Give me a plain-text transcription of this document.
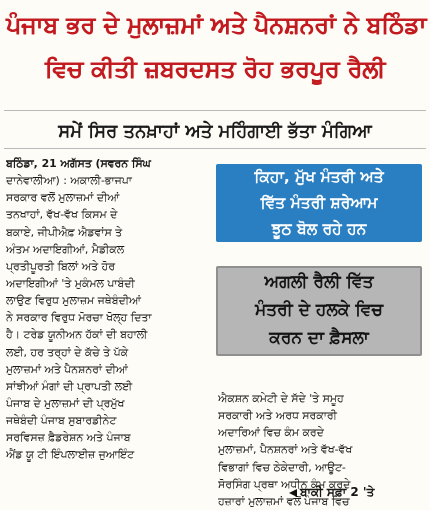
ਪੰਜਾਬ ਭਰ ਦੇ ਮੁਲਾਜ਼ਮਾਂ ਅਤੇ ਪੈਨਸ਼ਨਰਾਂ ਨੇ ਬਠਿੰਡਾ
ਵਿਚ ਕੀਤੀ ਜ਼ਬਰਦਸਤ ਰੋਹ ਭਰਪੂਰ ਰੈਲੀ
ਸਮੇਂ ਸਿਰ ਤਨਖ਼ਾਹਾਂ ਅਤੇ ਮਹਿੰਗਾਈ ਭੱਤਾ ਮੰਗਿਆ
ਬਠਿੰਡਾ, 21 ਅਗੱਸਤ (ਸਵਰਨ ਸਿੰਘ
ਦਾਨੇਵਾਲੀਆ) : ਅਕਾਲੀ-ਭਾਜਪਾ
ਸਰਕਾਰ ਵਲੋਂ ਮੁਲਾਜ਼ਮਾਂ ਦੀਆਂ
ਤਨਖਾਹਾਂ, ਵੱਖ-ਵੱਖ ਕਿਸਮ ਦੇ
ਬਕਾਏ, ਜੀਪੀਐਫ਼ ਐਡਵਾਂਸ ਤੇ
ਅੰਤਮ ਅਦਾਇਗੀਆਂ, ਮੈਡੀਕਲ
ਪ੍ਰਤੀਪੂਰਤੀ ਬਿਲਾਂ ਅਤੇ ਹੋਰ
ਅਦਾਇਗੀਆਂ 'ਤੇ ਮੁਕੰਮਲ ਪਾਬੰਦੀ
ਲਾਉਣ ਵਿਰੁਧ ਮੁਲਾਜ਼ਮ ਜਥੇਬੰਦੀਆਂ
ਨੇ ਸਰਕਾਰ ਵਿਰੁਧ ਮੋਰਚਾ ਖੋਲ੍ਹ ਦਿਤਾ
ਹੈ। ਟਰੇਡ ਯੂਨੀਅਨ ਹੱਕਾਂ ਦੀ ਬਹਾਲੀ
ਲਈ, ਹਰ ਤਰ੍ਹਾਂ ਦੇ ਕੱਚੇ ਤੇ ਪੱਕੇ
ਮੁਲਾਜ਼ਮਾਂ ਅਤੇ ਪੈਨਸ਼ਨਰਾਂ ਦੀਆਂ
ਸਾਂਝੀਆਂ ਮੰਗਾਂ ਦੀ ਪ੍ਰਾਪਤੀ ਲਈ
ਪੰਜਾਬ ਦੇ ਮੁਲਾਜ਼ਮਾਂ ਦੀ ਪ੍ਰਮੁੱਖ
ਜਥੇਬੰਦੀ ਪੰਜਾਬ ਸੁਬਾਰਡੀਨੇਟ
ਸਰਵਿਸਜ਼ ਫ਼ੈਡਰੇਸ਼ਨ ਅਤੇ ਪੰਜਾਬ
ਐਂਡ ਯੂ ਟੀ ਇੰਪਲਾਈਜ਼ ਜੁਆਇੰਟ
ਕਿਹਾ, ਮੁੱਖ ਮੰਤਰੀ ਅਤੇ
ਵਿੱਤ ਮੰਤਰੀ ਸ਼ਰੇਆਮ
ਝੂਠ ਬੋਲ ਰਹੇ ਹਨ
ਅਗਲੀ ਰੈਲੀ ਵਿੱਤ
ਮੰਤਰੀ ਦੇ ਹਲਕੇ ਵਿਚ
ਕਰਨ ਦਾ ਫ਼ੈਸਲਾ
ਐਕਸ਼ਨ ਕਮੇਟੀ ਦੇ ਸੱਦੇ 'ਤੇ ਸਮੂਹ
ਸਰਕਾਰੀ ਅਤੇ ਅਰਧ ਸਰਕਾਰੀ
ਅਦਾਰਿਆਂ ਵਿਚ ਕੰਮ ਕਰਦੇ
ਮੁਲਾਜ਼ਮਾਂ, ਪੈਨਸ਼ਨਰਾਂ ਅਤੇ ਵੱਖ-ਵੱਖ
ਵਿਭਾਗਾਂ ਵਿਚ ਠੇਕੇਦਾਰੀ, ਆਊਟ-
ਸੋਰਸਿੰਗ ਪ੍ਰਥਾ ਅਧੀਨ ਕੰਮ ਕਰਦੇ
ਹਜ਼ਾਰਾਂ ਮੁਲਾਜ਼ਮਾਂ ਵਲੋਂ ਪੰਜਾਬ ਵਿਚ
ਬਾਕੀ ਸਫ਼ਾ 2 'ਤੇ
